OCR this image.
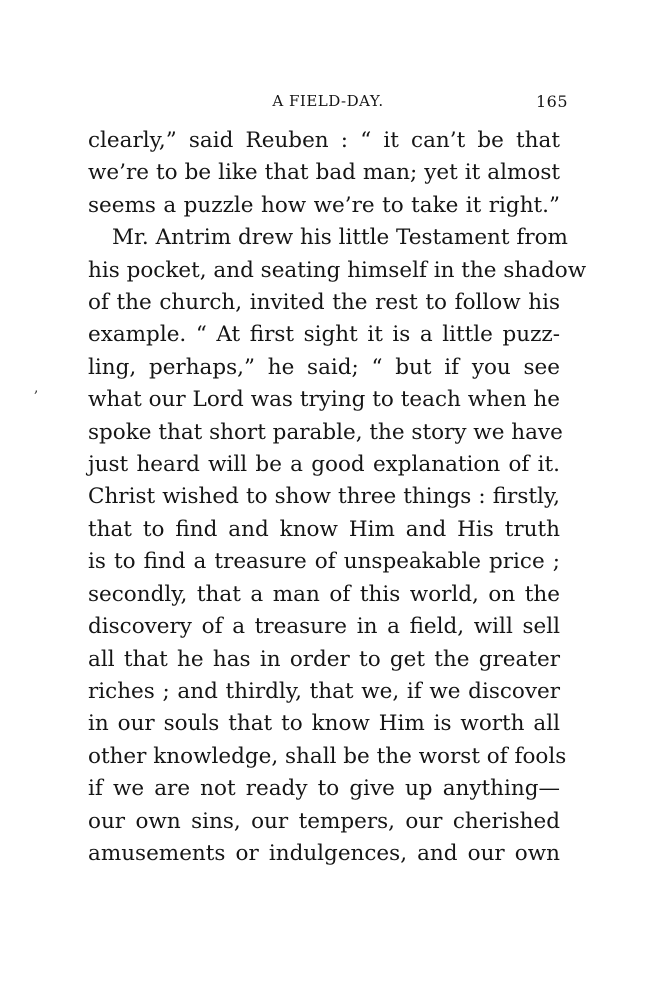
A FIELD-DAY.	165
,
clearly,” said Reuben : “ it can’t be that
we’re to be like that bad man; yet it almost
seems a puzzle how we’re to take it right.”
Mr. Antrim drew his little Testament from
his pocket, and seating himself in the shadow
of the church, invited the rest to follow his
example. “ At first sight it is a little puzz-
ling, perhaps,” he said; “ but if you see
what our Lord was trying to teach when he
spoke that short parable, the story we have
just heard will be a good explanation of it.
Christ wished to show three things : firstly,
that to find and know Him and His truth
is to find a treasure of unspeakable price ;
secondly, that a man of this world, on the
discovery of a treasure in a field, will sell
all that he has in order to get the greater
riches ; and thirdly, that we, if we discover
in our souls that to know Him is worth all
other knowledge, shall be the worst of fools
if we are not ready to give up anything—
our own sins, our tempers, our cherished
amusements or indulgences, and our own
